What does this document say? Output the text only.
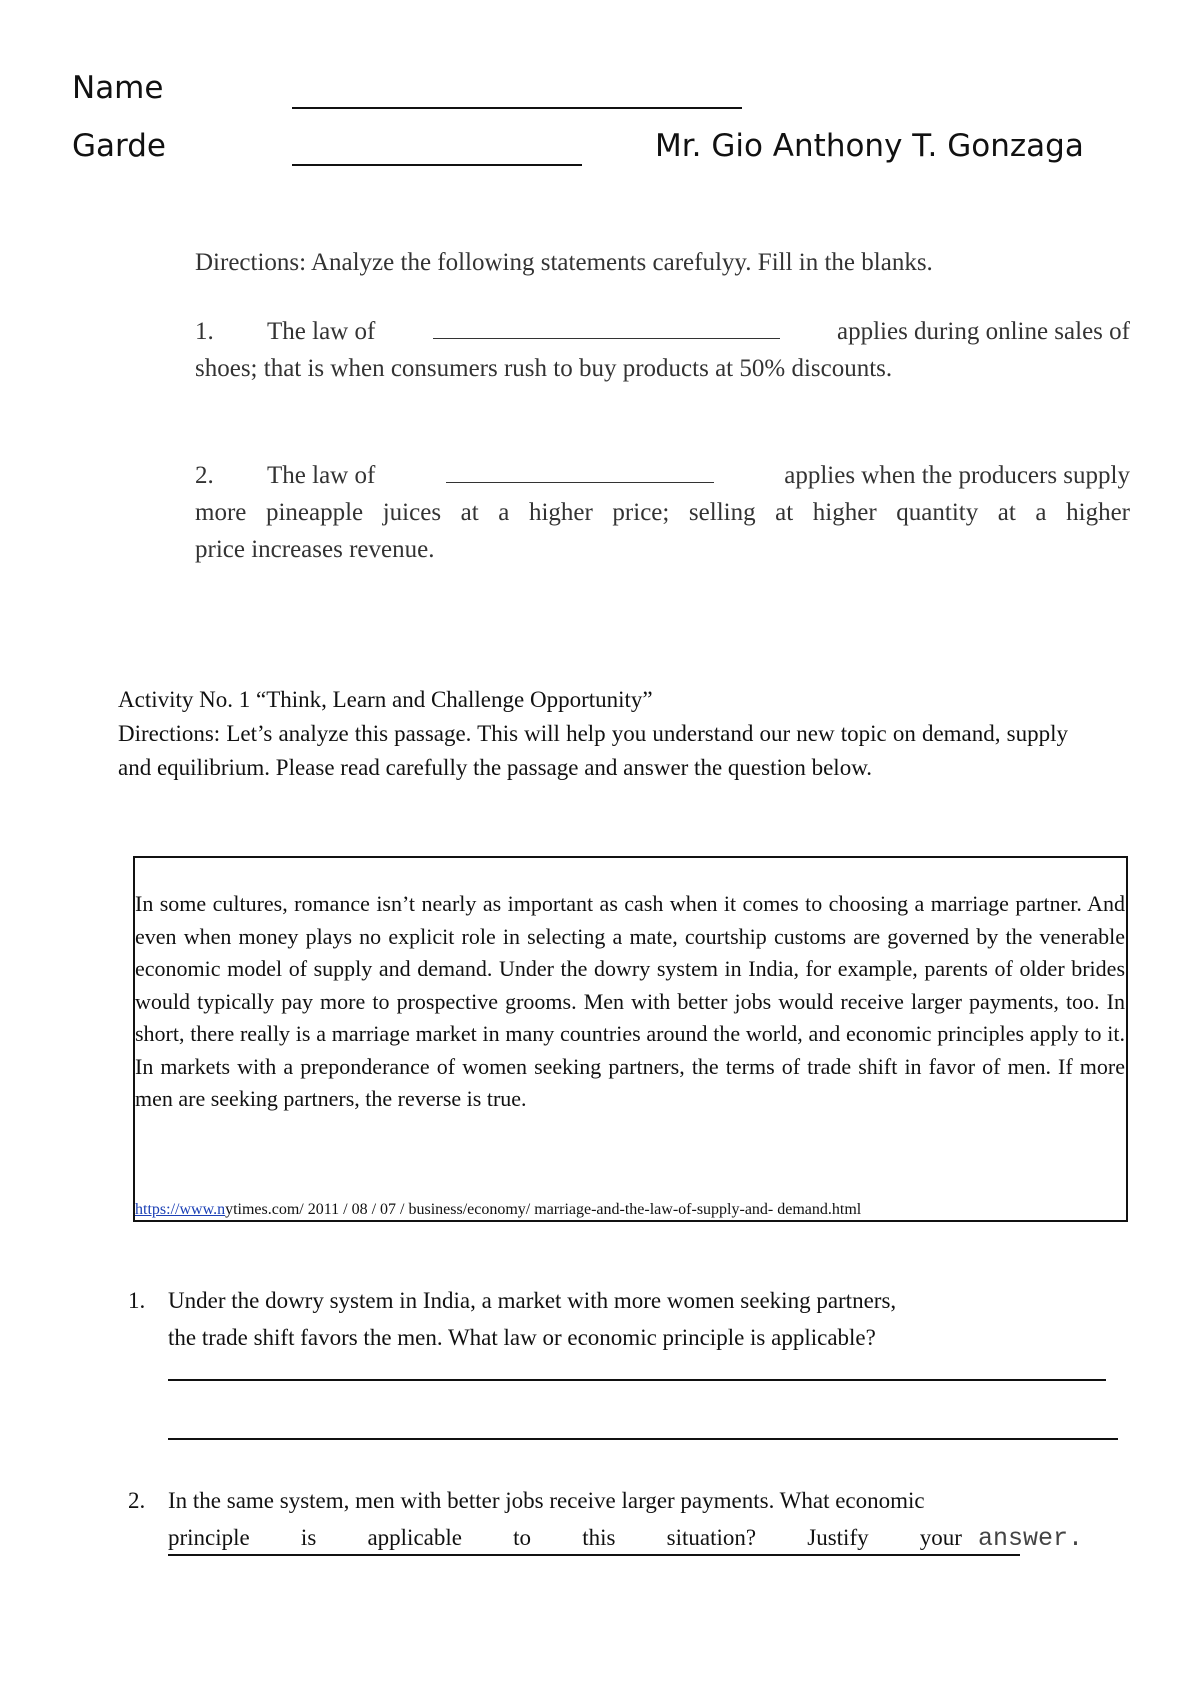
Name
Garde	Mr. Gio Anthony T. Gonzaga
Directions: Analyze the following statements carefulyy. Fill in the blanks.
1. The law of	applies during online sales of
shoes; that is when consumers rush to buy products at 50% discounts.
2. The law of	applies when the producers supply
more pineapple juices at a higher price; selling at higher quantity at a higher
price increases revenue.
Activity No. 1 “Think, Learn and Challenge Opportunity”
Directions: Let’s analyze this passage. This will help you understand our new topic on demand, supply and equilibrium. Please read carefully the passage and answer the question below.
In some cultures, romance isn’t nearly as important as cash when it comes to choosing a marriage partner. And even when money plays no explicit role in selecting a mate, courtship customs are governed by the venerable economic model of supply and demand. Under the dowry system in India, for example, parents of older brides would typically pay more to prospective grooms. Men with better jobs would receive larger payments, too. In short, there really is a marriage market in many countries around the world, and economic principles apply to it. In markets with a preponderance of women seeking partners, the terms of trade shift in favor of men. If more men are seeking partners, the reverse is true.
https://www.nytimes.com/ 2011 / 08 / 07 / business/economy/ marriage-and-the-law-of-supply-and- demand.html
1. Under the dowry system in India, a market with more women seeking partners,
the trade shift favors the men. What law or economic principle is applicable?
2. In the same system, men with better jobs receive larger payments. What economic
principle is applicable to this situation? Justify your answer.
